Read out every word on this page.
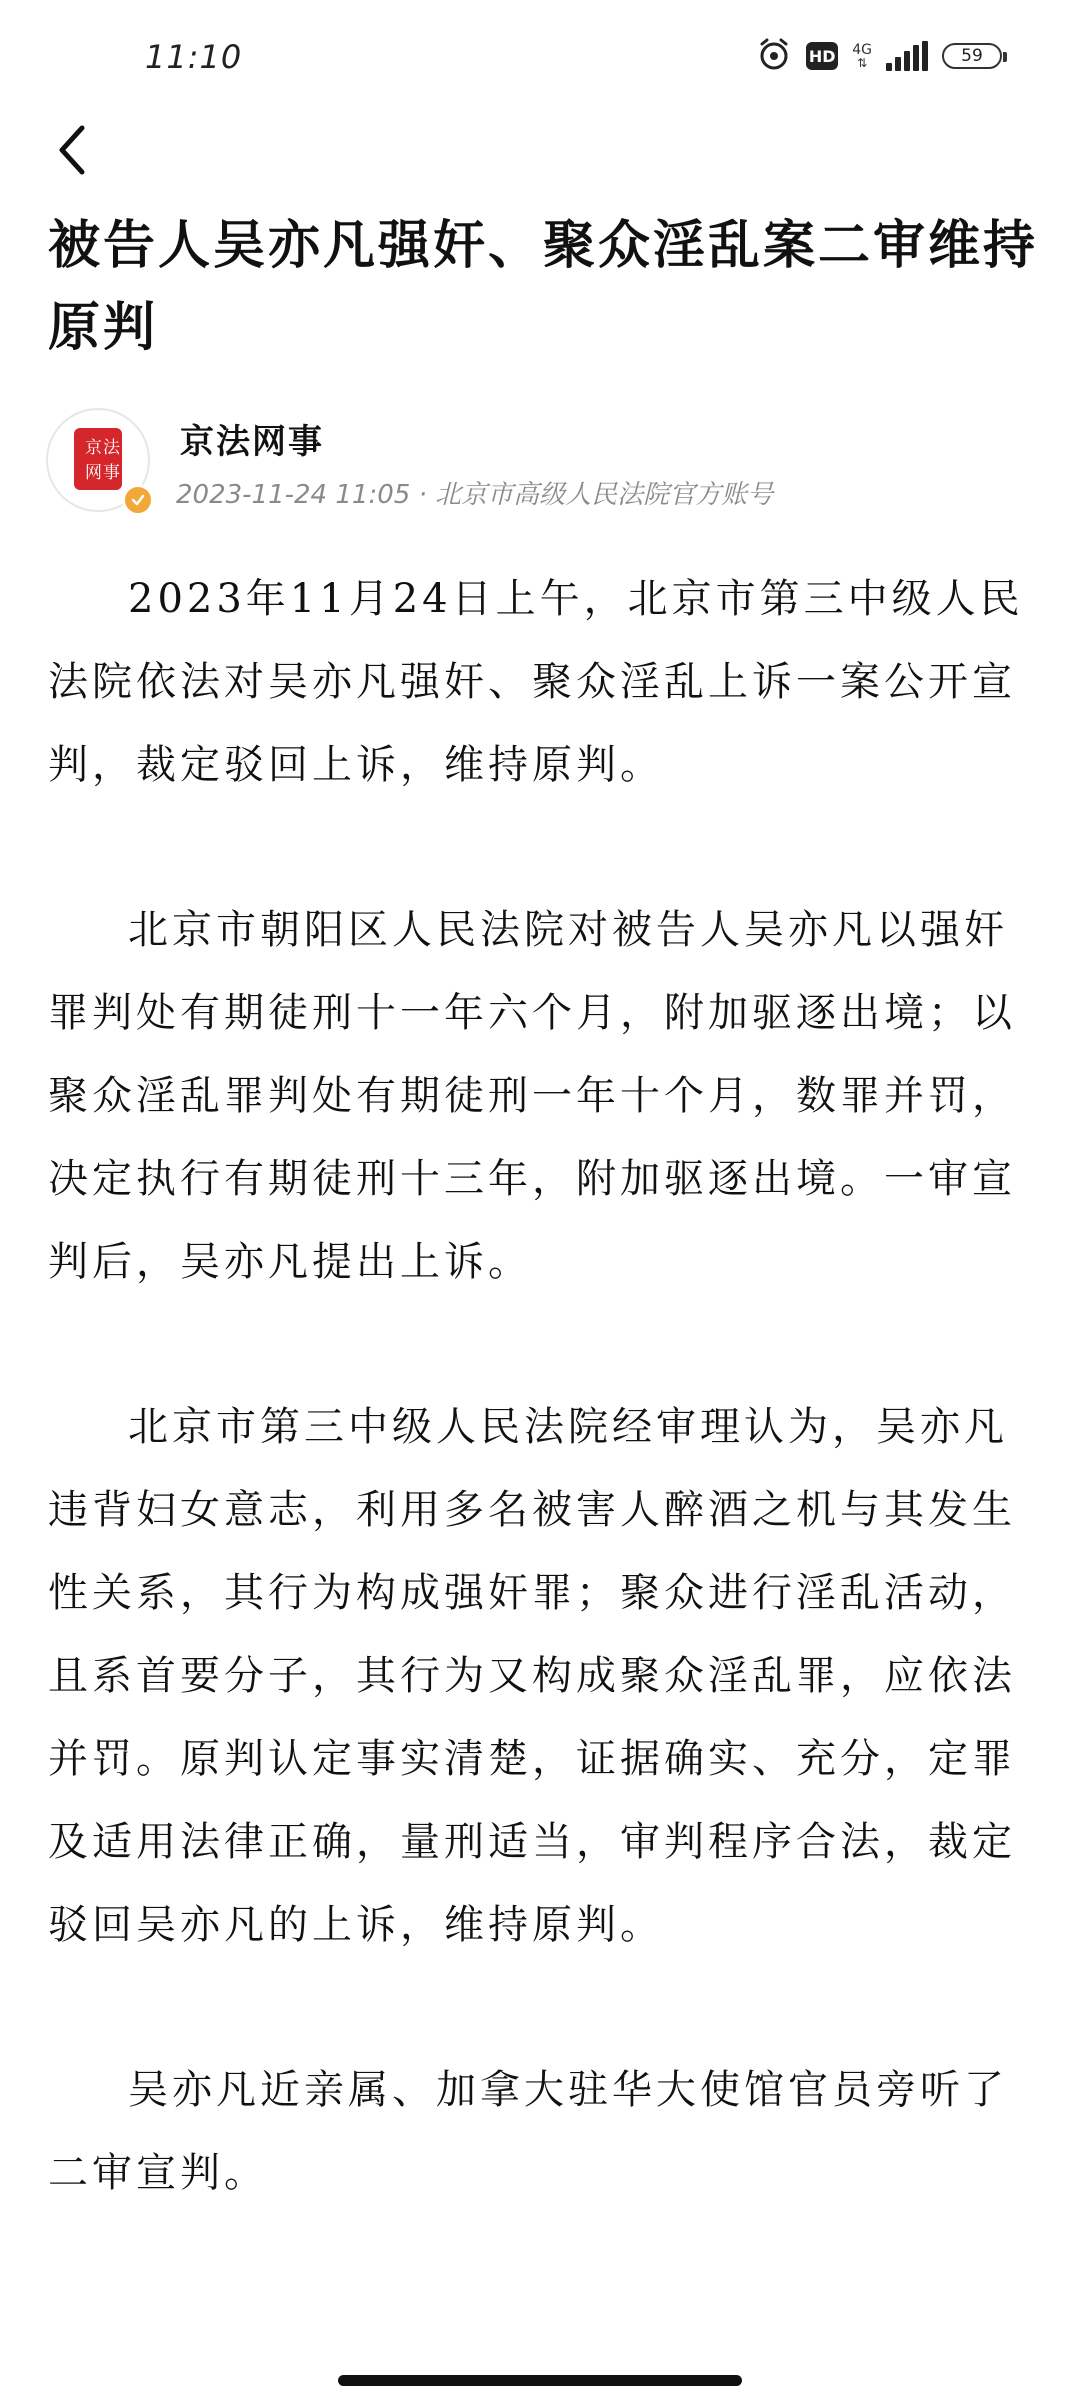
11:10	HD 4G
⇅	59
被告人吴亦凡强奸、聚众淫乱案二审维持原判
京 法
网 事
京法网事
2023-11-24 11:05 · 北京市高级人民法院官方账号

2023年11月24日上午，北京市第三中级人民法院依法对吴亦凡强奸、聚众淫乱上诉一案公开宣判，裁定驳回上诉，维持原判。

北京市朝阳区人民法院对被告人吴亦凡以强奸罪判处有期徒刑十一年六个月，附加驱逐出境；以聚众淫乱罪判处有期徒刑一年十个月，数罪并罚，决定执行有期徒刑十三年，附加驱逐出境。一审宣判后，吴亦凡提出上诉。

北京市第三中级人民法院经审理认为，吴亦凡违背妇女意志，利用多名被害人醉酒之机与其发生性关系，其行为构成强奸罪；聚众进行淫乱活动，且系首要分子，其行为又构成聚众淫乱罪，应依法并罚。原判认定事实清楚，证据确实、充分，定罪及适用法律正确，量刑适当，审判程序合法，裁定驳回吴亦凡的上诉，维持原判。

吴亦凡近亲属、加拿大驻华大使馆官员旁听了二审宣判。
